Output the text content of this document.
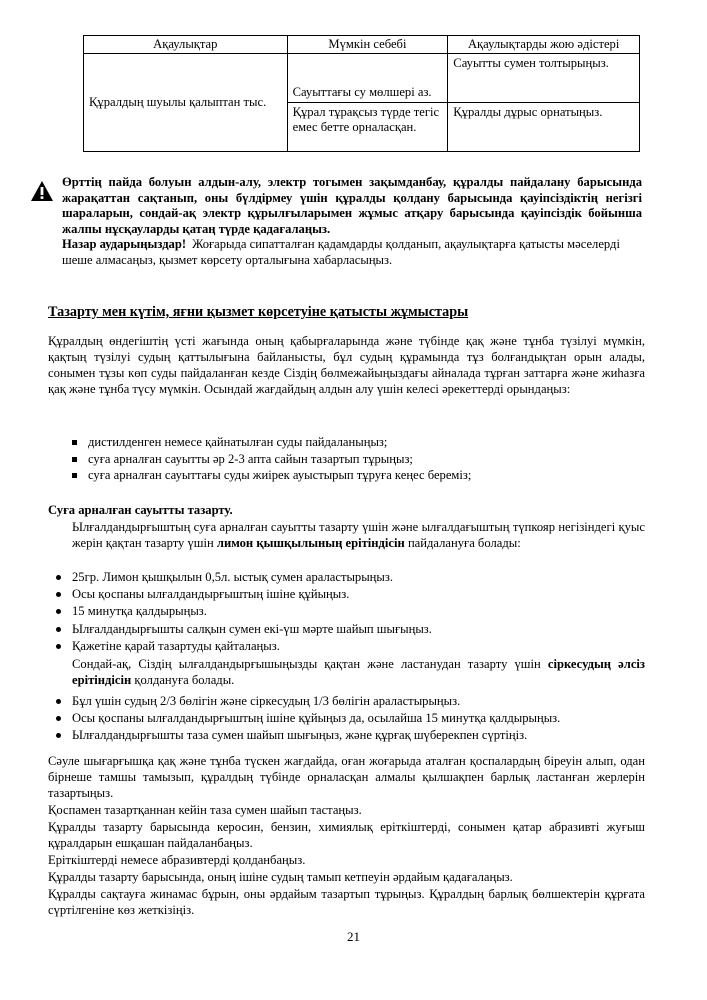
Ақаулықтар	Мүмкін себебі	Ақаулықтарды жою әдістері
Құралдың шуылы қалыптан тыс.	Сауыттағы су мөлшері аз.	Сауытты сумен толтырыңыз.
	Құрал тұрақсыз түрде тегіс емес бетте орналасқан.	Құралды дұрыс орнатыңыз.

Өрттің пайда болуын алдын-алу, электр тогымен зақымданбау, құралды пайдалану барысында жарақаттан сақтанып, оны бүлдірмеу үшін құралды қолдану барысында қауіпсіздіктің негізгі шараларын, сондай-ақ электр құрылғыларымен жұмыс атқару барысында қауіпсіздік бойынша жалпы нұсқауларды қатаң түрде қадағалаңыз.

Назар аударыңыздар! Жоғарыда сипатталған қадамдарды қолданып, ақаулықтарға қатысты мәселерді шеше алмасаңыз, қызмет көрсету орталығына хабарласыңыз.

Тазарту мен күтім, яғни қызмет көрсетуіне қатысты жұмыстары

Құралдың өндегіштің үсті жағында оның қабырғаларында және түбінде қақ және тұнба түзілуі мүмкін, қақтың түзілуі судың қаттылығына байланысты, бұл судың құрамында тұз болғандықтан орын алады, сонымен тұзы көп суды пайдаланған кезде Сіздің бөлмежайыңыздағы айналада тұрған заттарға және жиһазға қақ және тұнба түсу мүмкін. Осындай жағдайдың алдын алу үшін келесі әрекеттерді орындаңыз:

дистилденген немесе қайнатылған суды пайдаланыңыз;
суға арналған сауытты әр 2-3 апта сайын тазартып тұрыңыз;
суға арналған сауыттағы суды жиірек ауыстырып тұруға кеңес береміз;
Суға арналған сауытты тазарту.

Ылғалдандырғыштың суға арналған сауытты тазарту үшін және ылғалдағыштың түпкояр негізіндегі қуыс жерін қақтан тазарту үшін лимон қышқылының ерітіндісін пайдалануға болады:

25гр. Лимон қышқылын 0,5л. ыстық сумен араластырыңыз.
Осы қоспаны ылғалдандырғыштың ішіне құйыңыз.
15 минутқа қалдырыңыз.
Ылғалдандырғышты салқын сумен екі-үш мәрте шайып шығыңыз.
Қажетіне қарай тазартуды қайталаңыз.

Сондай-ақ, Сіздің ылғалдандырғышыңызды қақтан және ластанудан тазарту үшін сіркесудың әлсіз ерітіндісін қолдануға болады.

Бұл үшін судың 2/3 бөлігін және сіркесудың 1/3 бөлігін араластырыңыз.
Осы қоспаны ылғалдандырғыштың ішіне құйыңыз да, осылайша 15 минутқа қалдырыңыз.
Ылғалдандырғышты таза сумен шайып шығыңыз, және құрғақ шүберекпен сүртіңіз.

Сәуле шығарғышқа қақ және тұнба түскен жағдайда, оған жоғарыда аталған қоспалардың біреуін алып, одан бірнеше тамшы тамызып, құралдың түбінде орналасқан алмалы қылшақпен барлық ластанған жерлерін тазартыңыз.

Қоспамен тазартқаннан кейін таза сумен шайып тастаңыз.

Құралды тазарту барысында керосин, бензин, химиялық еріткіштерді, сонымен қатар абразивті жуғыш құралдарын ешқашан пайдаланбаңыз.

Еріткіштерді немесе абразивтерді қолданбаңыз.

Құралды тазарту барысында, оның ішіне судың тамып кетпеуін әрдайым қадағалаңыз.

Құралды сақтауға жинамас бұрын, оны әрдайым тазартып тұрыңыз. Құралдың барлық бөлшектерін құрғата сүртілгеніне көз жеткізіңіз.

21
